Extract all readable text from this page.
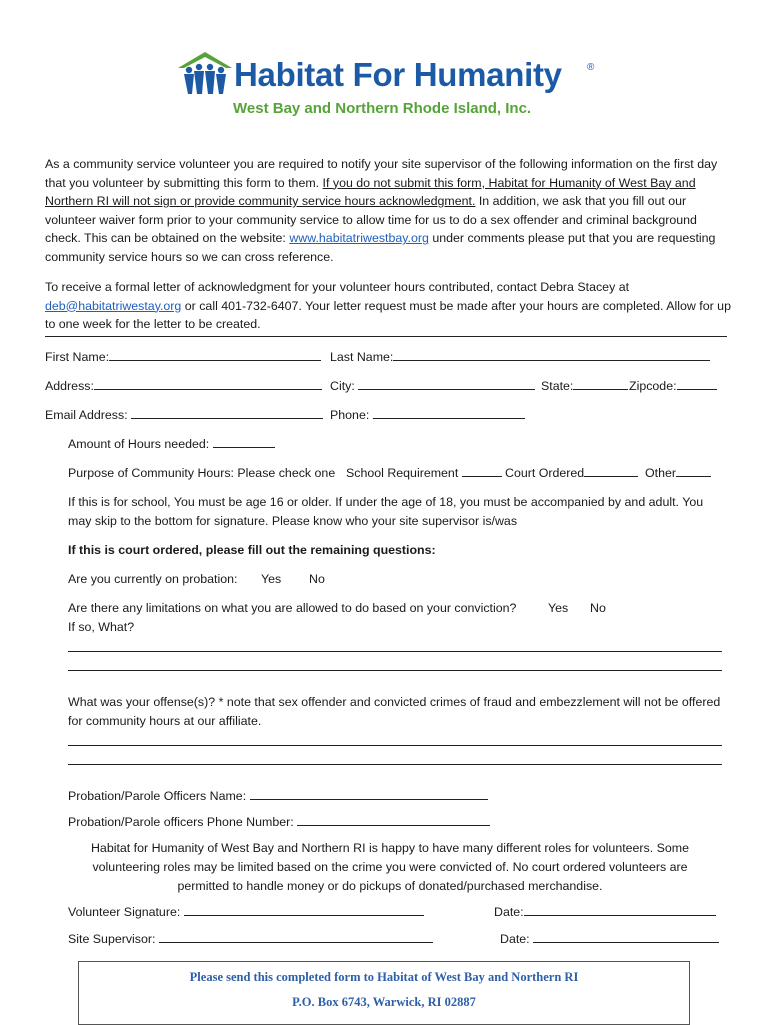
Habitat For Humanity	®
West Bay and Northern Rhode Island, Inc.
As a community service volunteer you are required to notify your site supervisor of the following information on the first day that you volunteer by submitting this form to them. If you do not submit this form, Habitat for Humanity of West Bay and Northern RI will not sign or provide community service hours acknowledgment. In addition, we ask that you fill out our volunteer waiver form prior to your community service to allow time for us to do a sex offender and criminal background check. This can be obtained on the website: www.habitatriwestbay.org under comments please put that you are requesting community service hours so we can cross reference.
To receive a formal letter of acknowledgment for your volunteer hours contributed, contact Debra Stacey at deb@habitatriwestay.org or call 401-732-6407. Your letter request must be made after your hours are completed. Allow for up to one week for the letter to be created.
First Name:	Last Name:
Address:	City:	State:	Zipcode:
Email Address:	Phone:
Amount of Hours needed:
Purpose of Community Hours: Please check one School Requirement	Court Ordered	Other
If this is for school, You must be age 16 or older. If under the age of 18, you must be accompanied by and adult. You may skip to the bottom for signature. Please know who your site supervisor is/was
If this is court ordered, please fill out the remaining questions:
Are you currently on probation: Yes No
Are there any limitations on what you are allowed to do based on your conviction?	Yes No
If so, What?
What was your offense(s)? * note that sex offender and convicted crimes of fraud and embezzlement will not be offered for community hours at our affiliate.
Probation/Parole Officers Name:
Probation/Parole officers Phone Number:
Habitat for Humanity of West Bay and Northern RI is happy to have many different roles for volunteers. Some
volunteering roles may be limited based on the crime you were convicted of. No court ordered volunteers are
permitted to handle money or do pickups of donated/purchased merchandise.
Volunteer Signature:	Date:
Site Supervisor:	Date:
Please send this completed form to Habitat of West Bay and Northern RI
P.O. Box 6743, Warwick, RI 02887
